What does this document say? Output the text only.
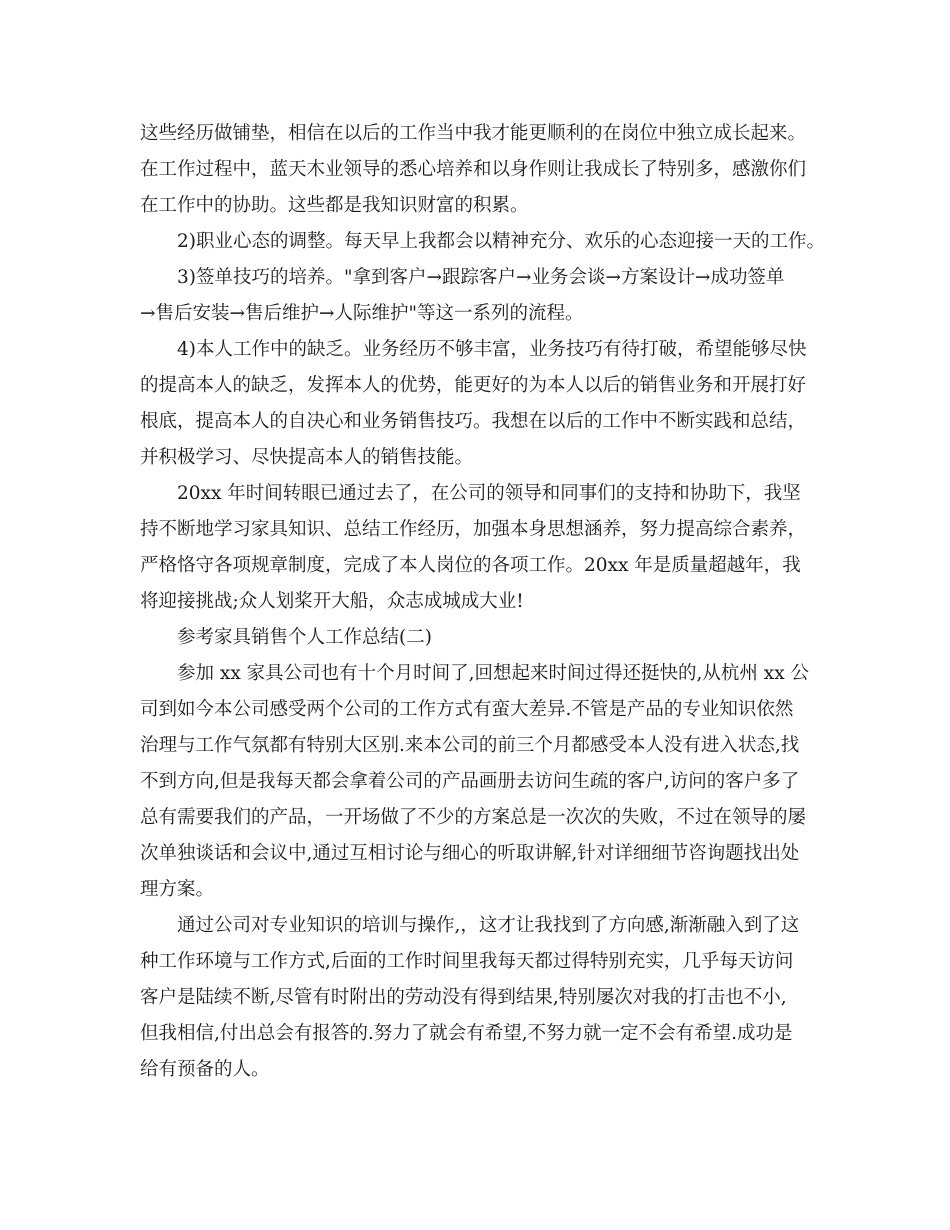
这些经历做铺垫，相信在以后的工作当中我才能更顺利的在岗位中独立成长起来。
在工作过程中，蓝天木业领导的悉心培养和以身作则让我成长了特别多，感激你们
在工作中的协助。这些都是我知识财富的积累。
2)职业心态的调整。每天早上我都会以精神充分、欢乐的心态迎接一天的工作。
3)签单技巧的培养。"拿到客户→跟踪客户→业务会谈→方案设计→成功签单
→售后安装→售后维护→人际维护"等这一系列的流程。
4)本人工作中的缺乏。业务经历不够丰富，业务技巧有待打破，希望能够尽快
的提高本人的缺乏，发挥本人的优势，能更好的为本人以后的销售业务和开展打好
根底，提高本人的自决心和业务销售技巧。我想在以后的工作中不断实践和总结，
并积极学习、尽快提高本人的销售技能。
20xx 年时间转眼已通过去了，在公司的领导和同事们的支持和协助下，我坚
持不断地学习家具知识、总结工作经历，加强本身思想涵养，努力提高综合素养，
严格恪守各项规章制度，完成了本人岗位的各项工作。20xx 年是质量超越年，我
将迎接挑战;众人划桨开大船，众志成城成大业!
参考家具销售个人工作总结(二)
参加 xx 家具公司也有十个月时间了,回想起来时间过得还挺快的,从杭州 xx 公
司到如今本公司感受两个公司的工作方式有蛮大差异.不管是产品的专业知识依然
治理与工作气氛都有特别大区别.来本公司的前三个月都感受本人没有进入状态,找
不到方向,但是我每天都会拿着公司的产品画册去访问生疏的客户,访问的客户多了
总有需要我们的产品，一开场做了不少的方案总是一次次的失败，不过在领导的屡
次单独谈话和会议中,通过互相讨论与细心的听取讲解,针对详细细节咨询题找出处
理方案。
通过公司对专业知识的培训与操作,，这才让我找到了方向感,渐渐融入到了这
种工作环境与工作方式,后面的工作时间里我每天都过得特别充实，几乎每天访问
客户是陆续不断,尽管有时附出的劳动没有得到结果,特别屡次对我的打击也不小,
但我相信,付出总会有报答的.努力了就会有希望,不努力就一定不会有希望.成功是
给有预备的人。
